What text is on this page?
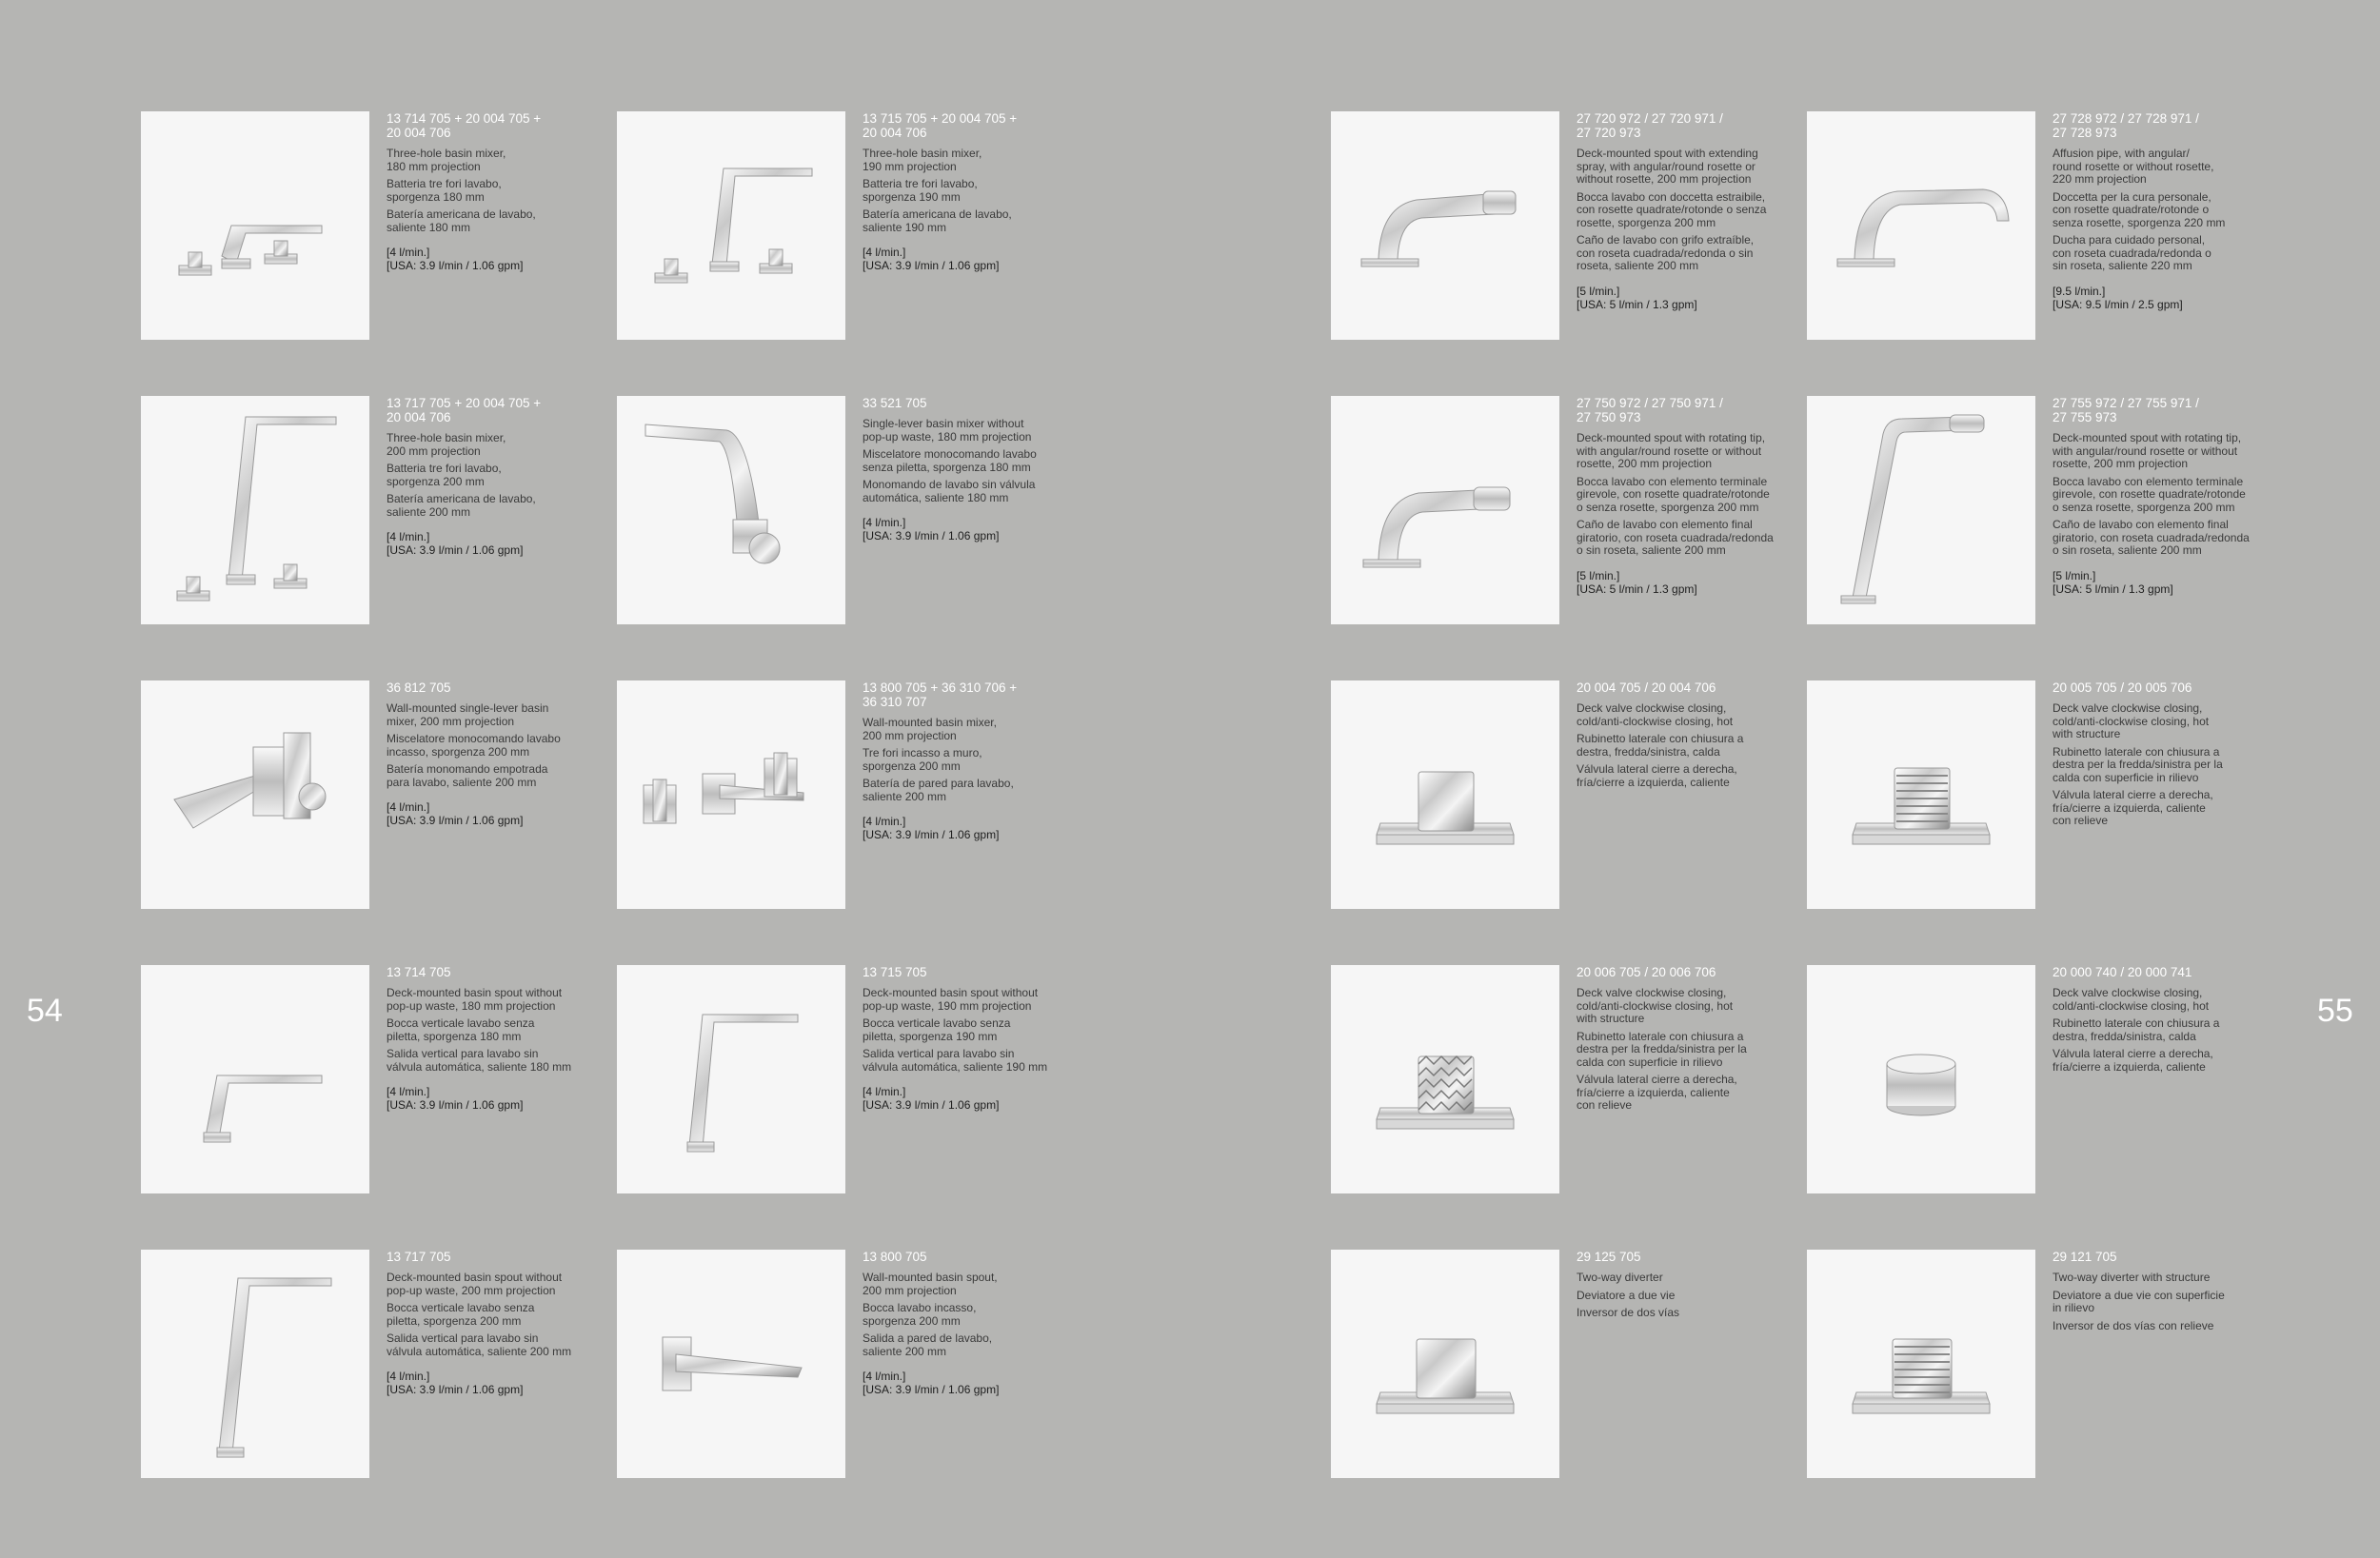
54	55
13 714 705 + 20 004 705 +
20 004 706
Three-hole basin mixer,
180 mm projection
Batteria tre fori lavabo,
sporgenza 180 mm
Batería americana de lavabo,
saliente 180 mm
[4 l/min.]
[USA: 3.9 l/min / 1.06 gpm]
13 715 705 + 20 004 705 +
20 004 706
Three-hole basin mixer,
190 mm projection
Batteria tre fori lavabo,
sporgenza 190 mm
Batería americana de lavabo,
saliente 190 mm
[4 l/min.]
[USA: 3.9 l/min / 1.06 gpm]
27 720 972 / 27 720 971 /
27 720 973
Deck-mounted spout with extending
spray, with angular/round rosette or
without rosette, 200 mm projection
Bocca lavabo con doccetta estraibile,
con rosette quadrate/rotonde o senza
rosette, sporgenza 200 mm
Caño de lavabo con grifo extraíble,
con roseta cuadrada/redonda o sin
roseta, saliente 200 mm
[5 l/min.]
[USA: 5 l/min / 1.3 gpm]
27 728 972 / 27 728 971 /
27 728 973
Affusion pipe, with angular/
round rosette or without rosette,
220 mm projection
Doccetta per la cura personale,
con rosette quadrate/rotonde o
senza rosette, sporgenza 220 mm
Ducha para cuidado personal,
con roseta cuadrada/redonda o
sin roseta, saliente 220 mm
[9.5 l/min.]
[USA: 9.5 l/min / 2.5 gpm]
13 717 705 + 20 004 705 +
20 004 706
Three-hole basin mixer,
200 mm projection
Batteria tre fori lavabo,
sporgenza 200 mm
Batería americana de lavabo,
saliente 200 mm
[4 l/min.]
[USA: 3.9 l/min / 1.06 gpm]
33 521 705
Single-lever basin mixer without
pop-up waste, 180 mm projection
Miscelatore monocomando lavabo
senza piletta, sporgenza 180 mm
Monomando de lavabo sin válvula
automática, saliente 180 mm
[4 l/min.]
[USA: 3.9 l/min / 1.06 gpm]
27 750 972 / 27 750 971 /
27 750 973
Deck-mounted spout with rotating tip,
with angular/round rosette or without
rosette, 200 mm projection
Bocca lavabo con elemento terminale
girevole, con rosette quadrate/rotonde
o senza rosette, sporgenza 200 mm
Caño de lavabo con elemento final
giratorio, con roseta cuadrada/redonda
o sin roseta, saliente 200 mm
[5 l/min.]
[USA: 5 l/min / 1.3 gpm]
27 755 972 / 27 755 971 /
27 755 973
Deck-mounted spout with rotating tip,
with angular/round rosette or without
rosette, 200 mm projection
Bocca lavabo con elemento terminale
girevole, con rosette quadrate/rotonde
o senza rosette, sporgenza 200 mm
Caño de lavabo con elemento final
giratorio, con roseta cuadrada/redonda
o sin roseta, saliente 200 mm
[5 l/min.]
[USA: 5 l/min / 1.3 gpm]
36 812 705
Wall-mounted single-lever basin
mixer, 200 mm projection
Miscelatore monocomando lavabo
incasso, sporgenza 200 mm
Batería monomando empotrada
para lavabo, saliente 200 mm
[4 l/min.]
[USA: 3.9 l/min / 1.06 gpm]
13 800 705 + 36 310 706 +
36 310 707
Wall-mounted basin mixer,
200 mm projection
Tre fori incasso a muro,
sporgenza 200 mm
Batería de pared para lavabo,
saliente 200 mm
[4 l/min.]
[USA: 3.9 l/min / 1.06 gpm]
20 004 705 / 20 004 706
Deck valve clockwise closing,
cold/anti-clockwise closing, hot
Rubinetto laterale con chiusura a
destra, fredda/sinistra, calda
Válvula lateral cierre a derecha,
fría/cierre a izquierda, caliente
20 005 705 / 20 005 706
Deck valve clockwise closing,
cold/anti-clockwise closing, hot
with structure
Rubinetto laterale con chiusura a
destra per la fredda/sinistra per la
calda con superficie in rilievo
Válvula lateral cierre a derecha,
fría/cierre a izquierda, caliente
con relieve
13 714 705
Deck-mounted basin spout without
pop-up waste, 180 mm projection
Bocca verticale lavabo senza
piletta, sporgenza 180 mm
Salida vertical para lavabo sin
válvula automática, saliente 180 mm
[4 l/min.]
[USA: 3.9 l/min / 1.06 gpm]
13 715 705
Deck-mounted basin spout without
pop-up waste, 190 mm projection
Bocca verticale lavabo senza
piletta, sporgenza 190 mm
Salida vertical para lavabo sin
válvula automática, saliente 190 mm
[4 l/min.]
[USA: 3.9 l/min / 1.06 gpm]
20 006 705 / 20 006 706
Deck valve clockwise closing,
cold/anti-clockwise closing, hot
with structure
Rubinetto laterale con chiusura a
destra per la fredda/sinistra per la
calda con superficie in rilievo
Válvula lateral cierre a derecha,
fría/cierre a izquierda, caliente
con relieve
20 000 740 / 20 000 741
Deck valve clockwise closing,
cold/anti-clockwise closing, hot
Rubinetto laterale con chiusura a
destra, fredda/sinistra, calda
Válvula lateral cierre a derecha,
fría/cierre a izquierda, caliente
13 717 705
Deck-mounted basin spout without
pop-up waste, 200 mm projection
Bocca verticale lavabo senza
piletta, sporgenza 200 mm
Salida vertical para lavabo sin
válvula automática, saliente 200 mm
[4 l/min.]
[USA: 3.9 l/min / 1.06 gpm]
13 800 705
Wall-mounted basin spout,
200 mm projection
Bocca lavabo incasso,
sporgenza 200 mm
Salida a pared de lavabo,
saliente 200 mm
[4 l/min.]
[USA: 3.9 l/min / 1.06 gpm]
29 125 705
Two-way diverter
Deviatore a due vie
Inversor de dos vías
29 121 705
Two-way diverter with structure
Deviatore a due vie con superficie
in rilievo
Inversor de dos vías con relieve
